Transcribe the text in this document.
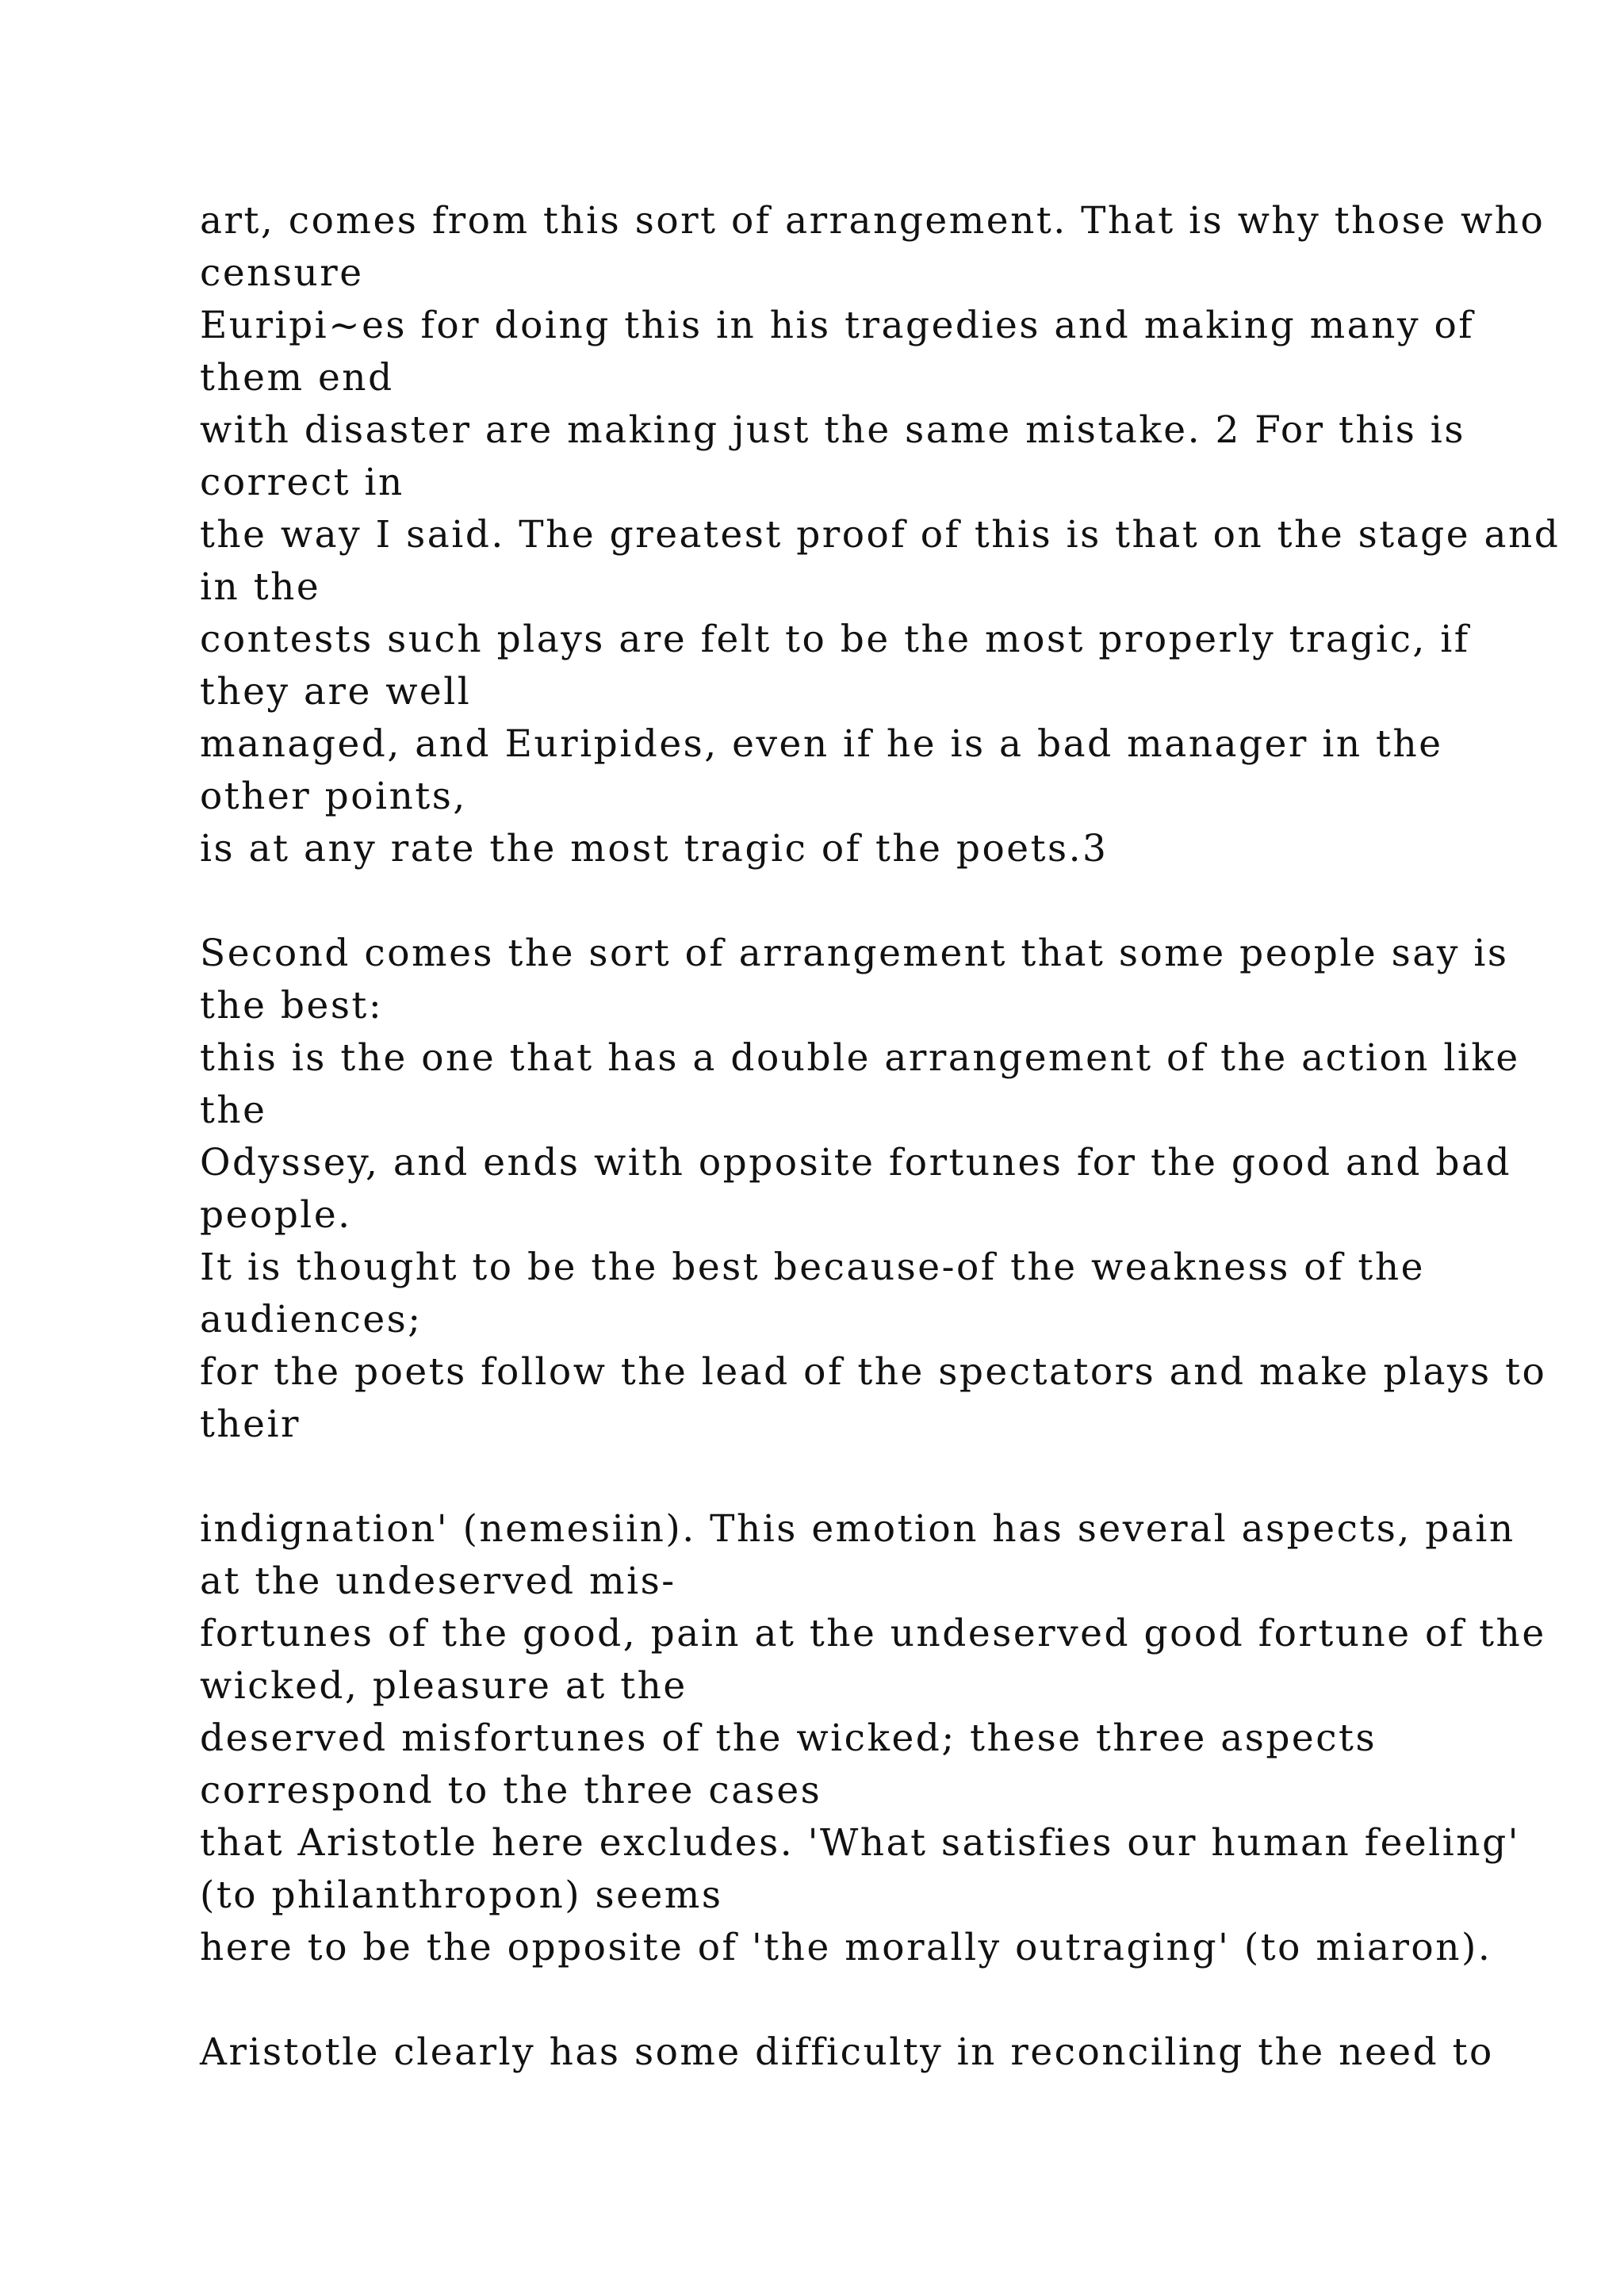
art, comes from this sort of arrangement. That is why those who
censure
Euripi~es for doing this in his tragedies and making many of
them end
with disaster are making just the same mistake. 2 For this is
correct in
the way I said. The greatest proof of this is that on the stage and
in the
contests such plays are felt to be the most properly tragic, if
they are well
managed, and Euripides, even if he is a bad manager in the
other points,
is at any rate the most tragic of the poets.3
Second comes the sort of arrangement that some people say is
the best:
this is the one that has a double arrangement of the action like
the
Odyssey, and ends with opposite fortunes for the good and bad
people.
It is thought to be the best because-of the weakness of the
audiences;
for the poets follow the lead of the spectators and make plays to
their
indignation' (nemesiin). This emotion has several aspects, pain
at the undeserved mis-
fortunes of the good, pain at the undeserved good fortune of the
wicked, pleasure at the
deserved misfortunes of the wicked; these three aspects
correspond to the three cases
that Aristotle here excludes. 'What satisfies our human feeling'
(to philanthropon) seems
here to be the opposite of 'the morally outraging' (to miaron).
Aristotle clearly has some difficulty in reconciling the need to
